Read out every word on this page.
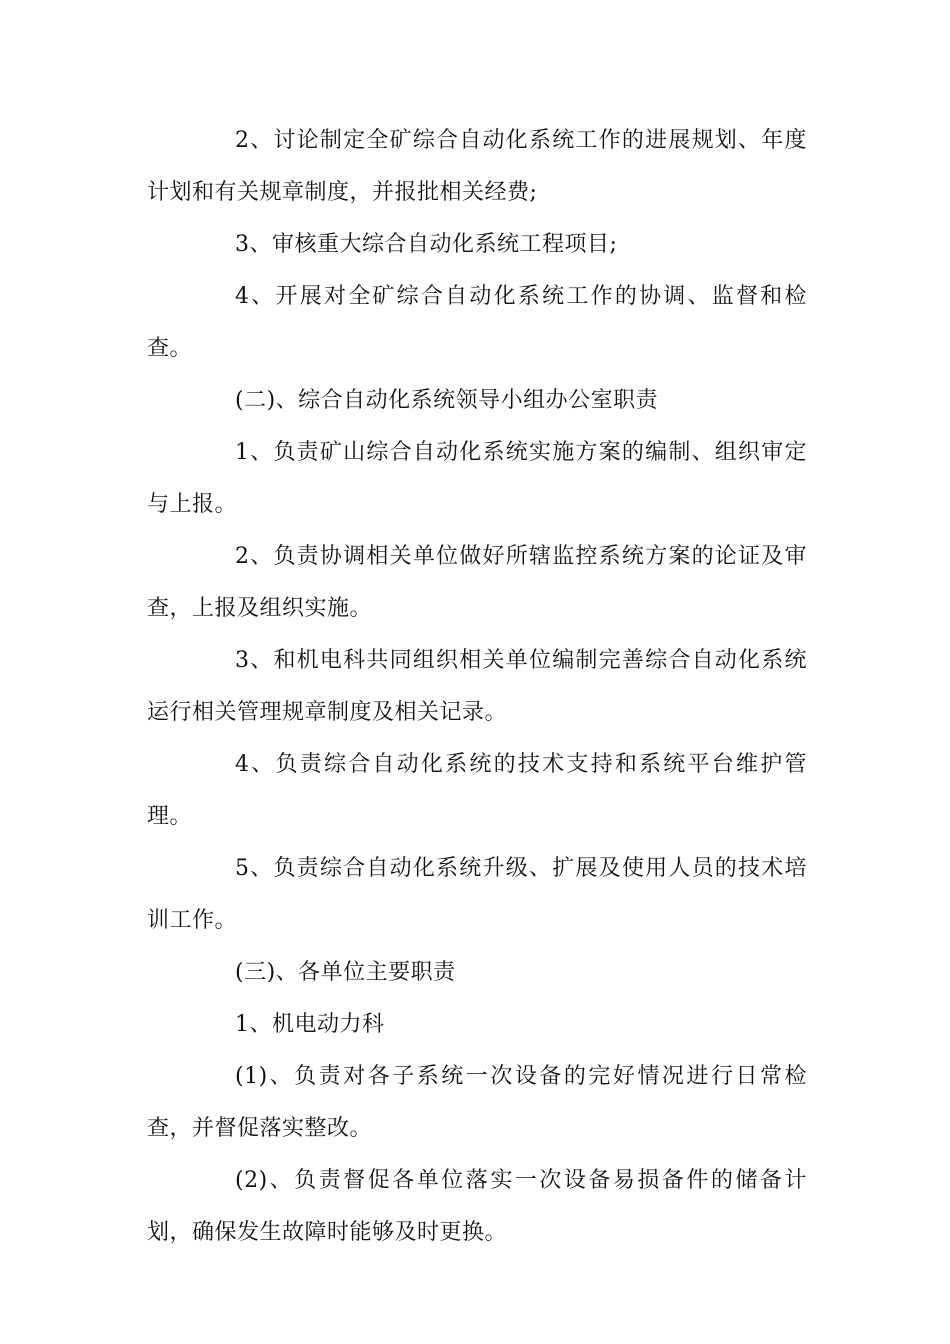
2、讨论制定全矿综合自动化系统工作的进展规划、年度计划和有关规章制度，并报批相关经费;

3、审核重大综合自动化系统工程项目;

4、开展对全矿综合自动化系统工作的协调、监督和检查。

(二)、综合自动化系统领导小组办公室职责

1、负责矿山综合自动化系统实施方案的编制、组织审定与上报。

2、负责协调相关单位做好所辖监控系统方案的论证及审查，上报及组织实施。

3、和机电科共同组织相关单位编制完善综合自动化系统运行相关管理规章制度及相关记录。

4、负责综合自动化系统的技术支持和系统平台维护管理。

5、负责综合自动化系统升级、扩展及使用人员的技术培训工作。

(三)、各单位主要职责

1、机电动力科

(1)、负责对各子系统一次设备的完好情况进行日常检查，并督促落实整改。

(2)、负责督促各单位落实一次设备易损备件的储备计划，确保发生故障时能够及时更换。
